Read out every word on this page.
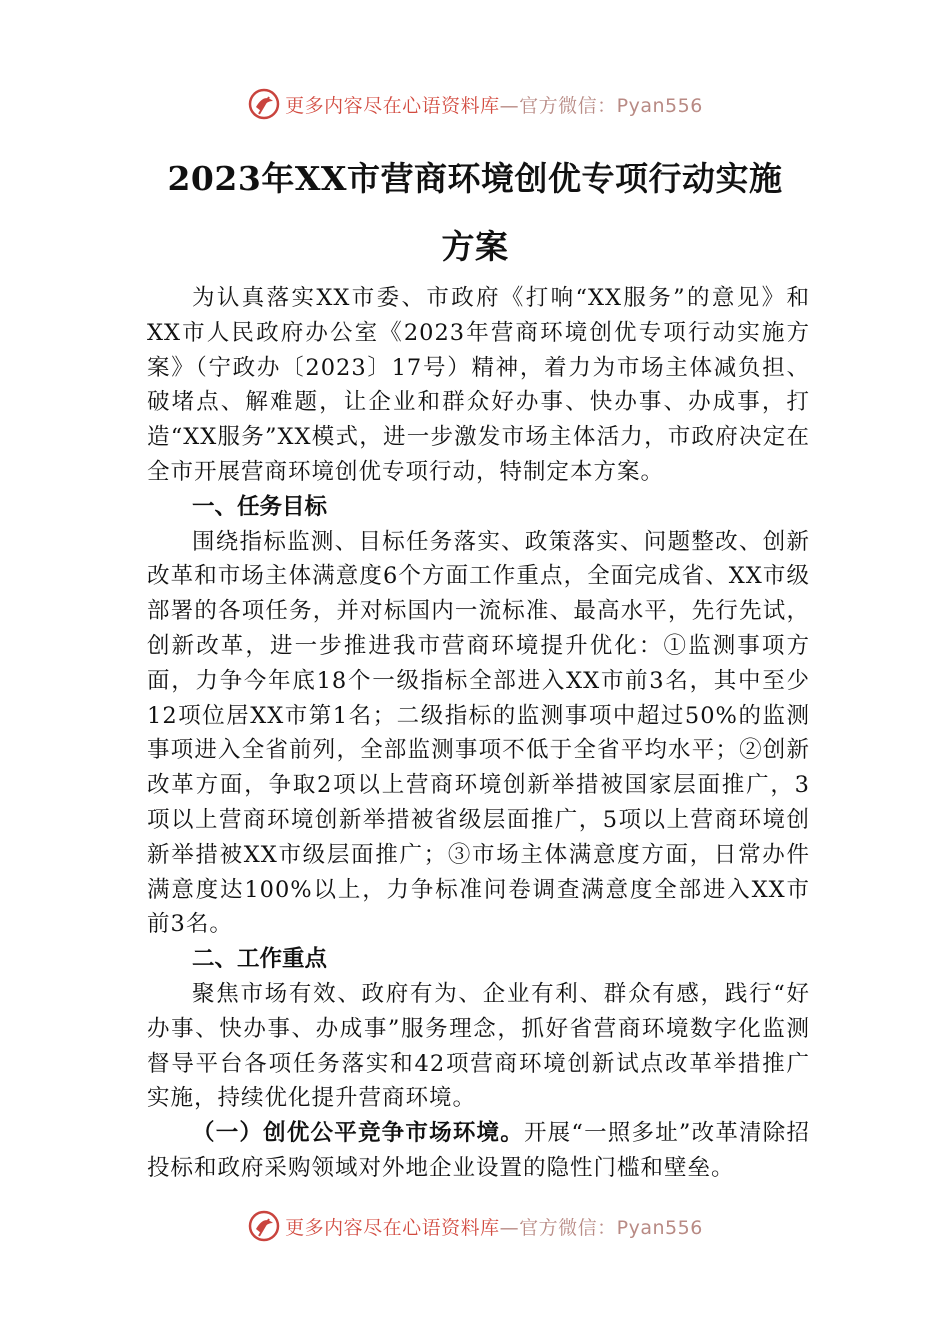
更多内容尽在心语资料库—官方微信：Pyan556
2023年XX市营商环境创优专项行动实施
方案

为认真落实XX市委、市政府《打响“XX服务”的意见》和XX市人民政府办公室《2023年营商环境创优专项行动实施方案》（宁政办〔2023〕17号）精神，着力为市场主体减负担、破堵点、解难题，让企业和群众好办事、快办事、办成事，打造“XX服务”XX模式，进一步激发市场主体活力，市政府决定在全市开展营商环境创优专项行动，特制定本方案。

一、任务目标

围绕指标监测、目标任务落实、政策落实、问题整改、创新改革和市场主体满意度6个方面工作重点，全面完成省、XX市级部署的各项任务，并对标国内一流标准、最高水平，先行先试，创新改革，进一步推进我市营商环境提升优化：①监测事项方面，力争今年底18个一级指标全部进入XX市前3名，其中至少12项位居XX市第1名；二级指标的监测事项中超过50%的监测事项进入全省前列，全部监测事项不低于全省平均水平；②创新改革方面，争取2项以上营商环境创新举措被国家层面推广，3项以上营商环境创新举措被省级层面推广，5项以上营商环境创新举措被XX市级层面推广；③市场主体满意度方面，日常办件满意度达100%以上，力争标准问卷调查满意度全部进入XX市前3名。

二、工作重点

聚焦市场有效、政府有为、企业有利、群众有感，践行“好办事、快办事、办成事”服务理念，抓好省营商环境数字化监测督导平台各项任务落实和42项营商环境创新试点改革举措推广实施，持续优化提升营商环境。

（一）创优公平竞争市场环境。开展“一照多址”改革清除招投标和政府采购领域对外地企业设置的隐性门槛和壁垒。

更多内容尽在心语资料库—官方微信：Pyan556
